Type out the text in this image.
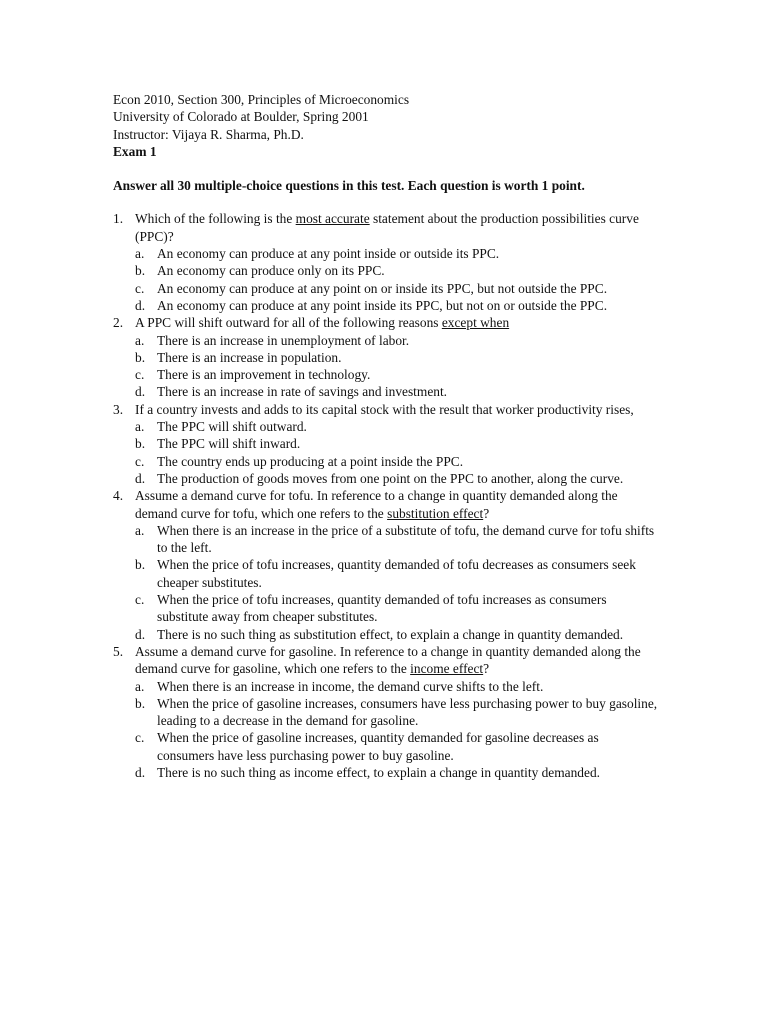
Econ 2010, Section 300, Principles of Microeconomics
University of Colorado at Boulder, Spring 2001
Instructor: Vijaya R. Sharma, Ph.D.
Exam 1
Answer all 30 multiple-choice questions in this test. Each question is worth 1 point.
1. Which of the following is the most accurate statement about the production possibilities curve (PPC)?
a. An economy can produce at any point inside or outside its PPC.
b. An economy can produce only on its PPC.
c. An economy can produce at any point on or inside its PPC, but not outside the PPC.
d. An economy can produce at any point inside its PPC, but not on or outside the PPC.
2. A PPC will shift outward for all of the following reasons except when
a. There is an increase in unemployment of labor.
b. There is an increase in population.
c. There is an improvement in technology.
d. There is an increase in rate of savings and investment.
3. If a country invests and adds to its capital stock with the result that worker productivity rises,
a. The PPC will shift outward.
b. The PPC will shift inward.
c. The country ends up producing at a point inside the PPC.
d. The production of goods moves from one point on the PPC to another, along the curve.
4. Assume a demand curve for tofu. In reference to a change in quantity demanded along the demand curve for tofu, which one refers to the substitution effect?
a. When there is an increase in the price of a substitute of tofu, the demand curve for tofu shifts to the left.
b. When the price of tofu increases, quantity demanded of tofu decreases as consumers seek cheaper substitutes.
c. When the price of tofu increases, quantity demanded of tofu increases as consumers substitute away from cheaper substitutes.
d. There is no such thing as substitution effect, to explain a change in quantity demanded.
5. Assume a demand curve for gasoline. In reference to a change in quantity demanded along the demand curve for gasoline, which one refers to the income effect?
a. When there is an increase in income, the demand curve shifts to the left.
b. When the price of gasoline increases, consumers have less purchasing power to buy gasoline, leading to a decrease in the demand for gasoline.
c. When the price of gasoline increases, quantity demanded for gasoline decreases as consumers have less purchasing power to buy gasoline.
d. There is no such thing as income effect, to explain a change in quantity demanded.
